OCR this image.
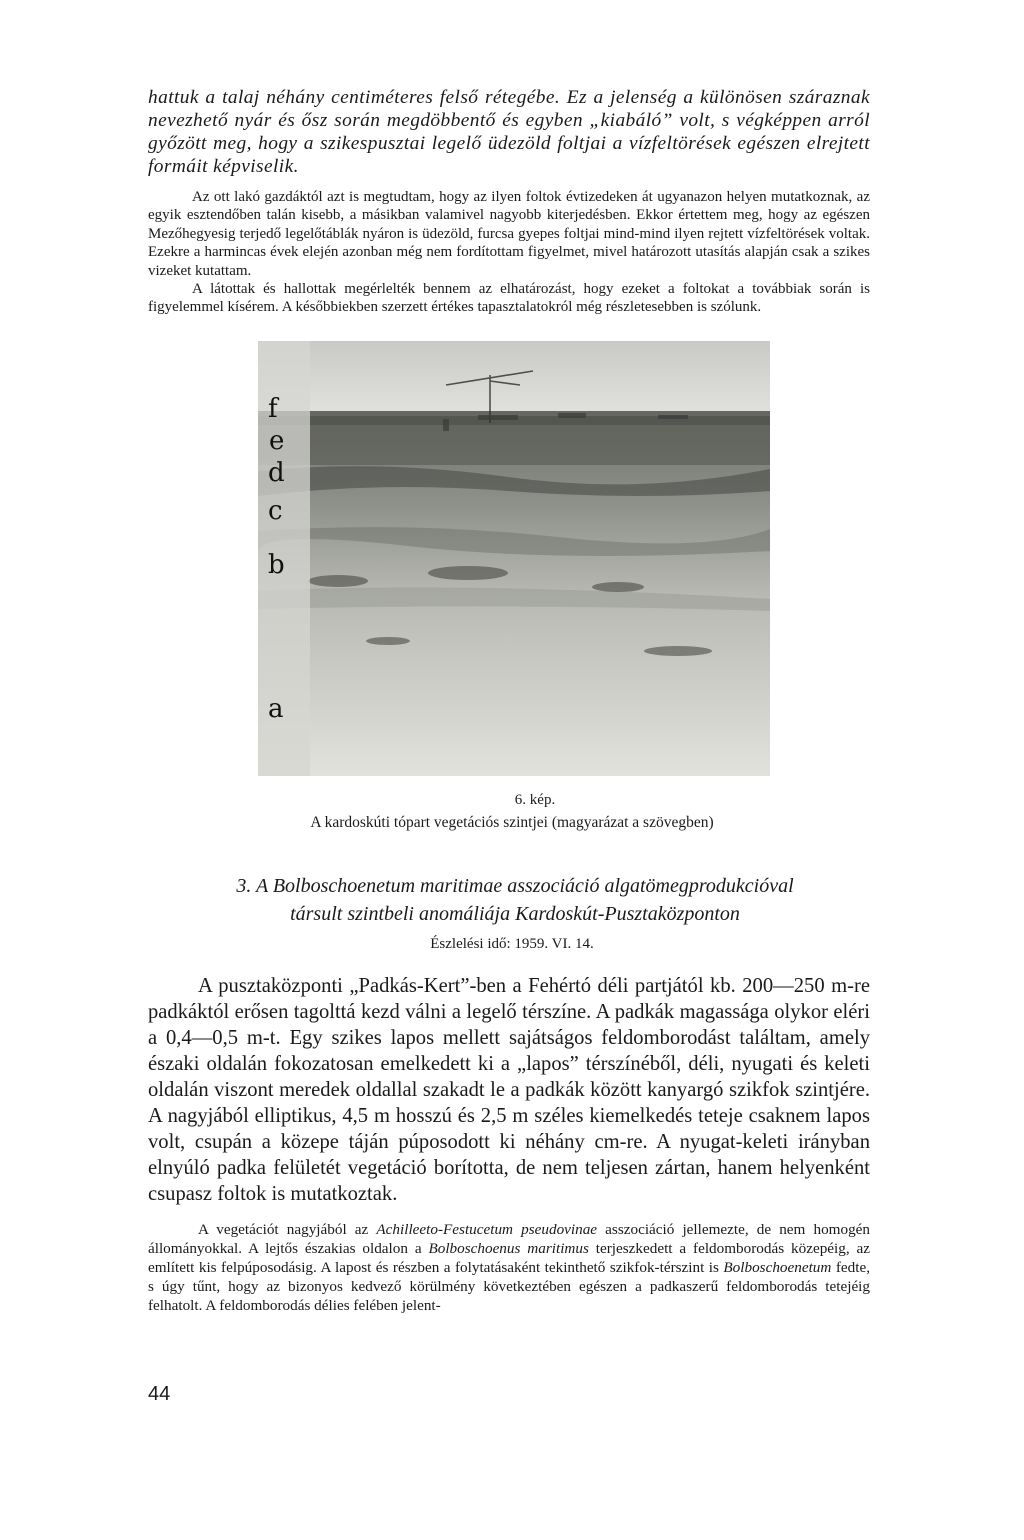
hattuk a talaj néhány centiméteres felső rétegébe. Ez a jelenség a különösen száraznak nevezhető nyár és ősz során megdöbbentő és egyben „kiabáló” volt, s végképpen arról győzött meg, hogy a szikespusztai legelő üdezöld foltjai a vízfeltörések egészen elrejtett formáit képviselik.

Az ott lakó gazdáktól azt is megtudtam, hogy az ilyen foltok évtizedeken át ugyanazon helyen mutatkoznak, az egyik esztendőben talán kisebb, a másikban valamivel nagyobb kiterjedésben. Ekkor értettem meg, hogy az egészen Mezőhegyesig terjedő legelőtáblák nyáron is üdezöld, furcsa gyepes foltjai mind-mind ilyen rejtett vízfeltörések voltak. Ezekre a harmincas évek elején azonban még nem fordítottam figyelmet, mivel határozott utasítás alapján csak a szikes vizeket kutattam.

A látottak és hallottak megérlelték bennem az elhatározást, hogy ezeket a foltokat a továbbiak során is figyelemmel kísérem. A későbbiekben szerzett értékes tapasztalatokról még részletesebben is szólunk.

f
e
d
c
b
a
6. kép.
A kardoskúti tópart vegetációs szintjei (magyarázat a szövegben)
3. A Bolboschoenetum maritimae asszociáció algatömegprodukcióval
társult szintbeli anomáliája Kardoskút-Pusztaközponton
Észlelési idő: 1959. VI. 14.

A pusztaközponti „Padkás-Kert”-ben a Fehértó déli partjától kb. 200—250 m-re padkáktól erősen tagolttá kezd válni a legelő térszíne. A padkák magassága olykor eléri a 0,4—0,5 m-t. Egy szikes lapos mellett sajátságos feldomborodást találtam, amely északi oldalán fokozatosan emelkedett ki a „lapos” térszínéből, déli, nyugati és keleti oldalán viszont meredek oldallal szakadt le a padkák között kanyargó szikfok szintjére. A nagyjából elliptikus, 4,5 m hosszú és 2,5 m széles kiemelkedés teteje csaknem lapos volt, csupán a közepe táján púposodott ki néhány cm-re. A nyugat-keleti irányban elnyúló padka felületét vegetáció borította, de nem teljesen zártan, hanem helyenként csupasz foltok is mutatkoztak.

A vegetációt nagyjából az Achilleeto-Festucetum pseudovinae asszociáció jellemezte, de nem homogén állományokkal. A lejtős északias oldalon a Bolboschoenus maritimus terjeszkedett a feldomborodás közepéig, az említett kis felpúposodásig. A lapost és részben a folytatásaként tekinthető szikfok-térszint is Bolboschoenetum fedte, s úgy tűnt, hogy az bizonyos kedvező körülmény következtében egészen a padkaszerű feldomborodás tetejéig felhatolt. A feldomborodás délies felében jelent-

44
